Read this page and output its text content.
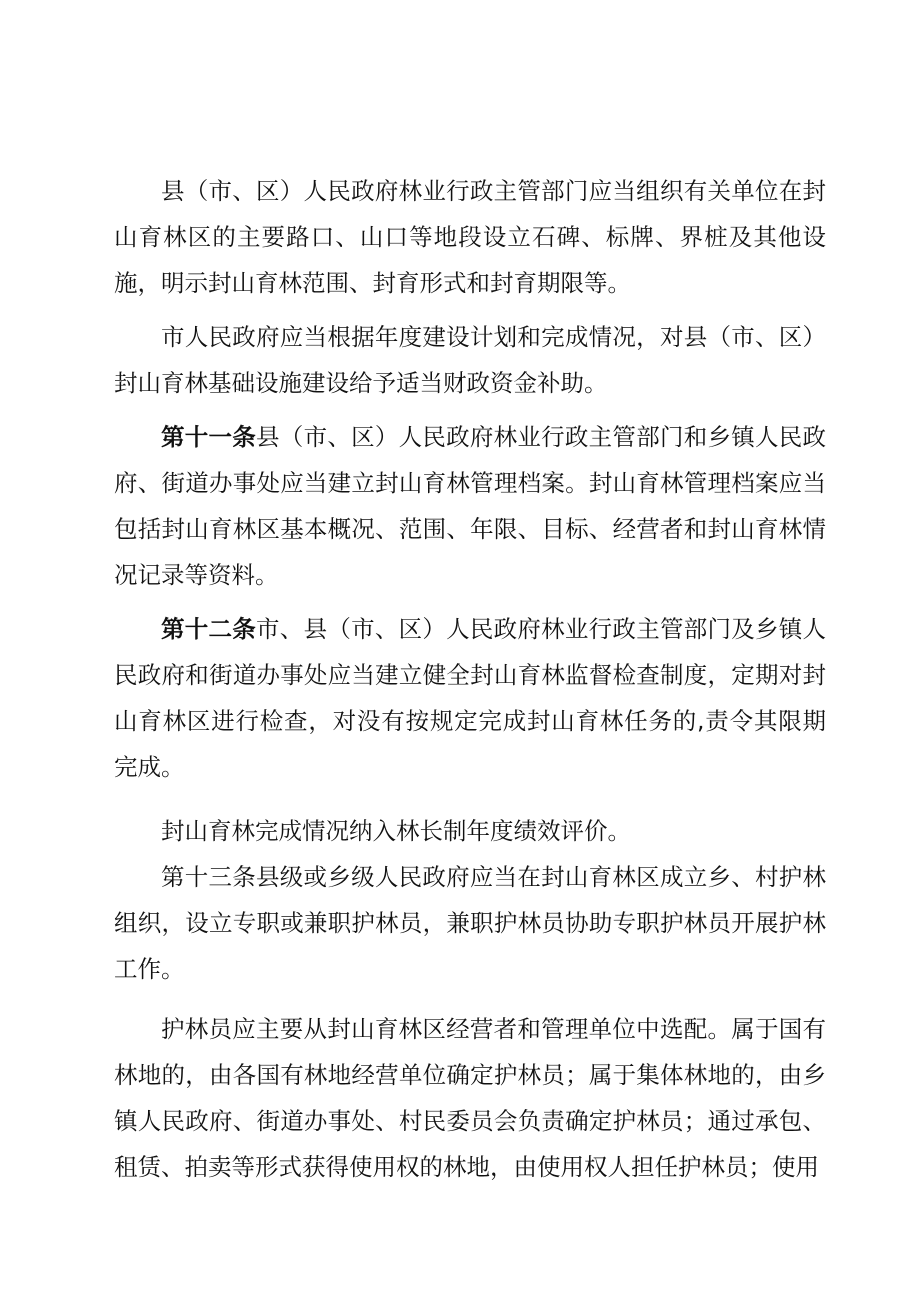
县（市、区）人民政府林业行政主管部门应当组织有关单位在封山育林区的主要路口、山口等地段设立石碑、标牌、界桩及其他设施，明示封山育林范围、封育形式和封育期限等。

市人民政府应当根据年度建设计划和完成情况，对县（市、区）封山育林基础设施建设给予适当财政资金补助。

第十一条县（市、区）人民政府林业行政主管部门和乡镇人民政府、街道办事处应当建立封山育林管理档案。封山育林管理档案应当包括封山育林区基本概况、范围、年限、目标、经营者和封山育林情况记录等资料。

第十二条市、县（市、区）人民政府林业行政主管部门及乡镇人民政府和街道办事处应当建立健全封山育林监督检查制度，定期对封山育林区进行检查，对没有按规定完成封山育林任务的,责令其限期完成。

封山育林完成情况纳入林长制年度绩效评价。

第十三条县级或乡级人民政府应当在封山育林区成立乡、村护林组织，设立专职或兼职护林员，兼职护林员协助专职护林员开展护林工作。

护林员应主要从封山育林区经营者和管理单位中选配。属于国有林地的，由各国有林地经营单位确定护林员；属于集体林地的，由乡镇人民政府、街道办事处、村民委员会负责确定护林员；通过承包、租赁、拍卖等形式获得使用权的林地，由使用权人担任护林员；使用
